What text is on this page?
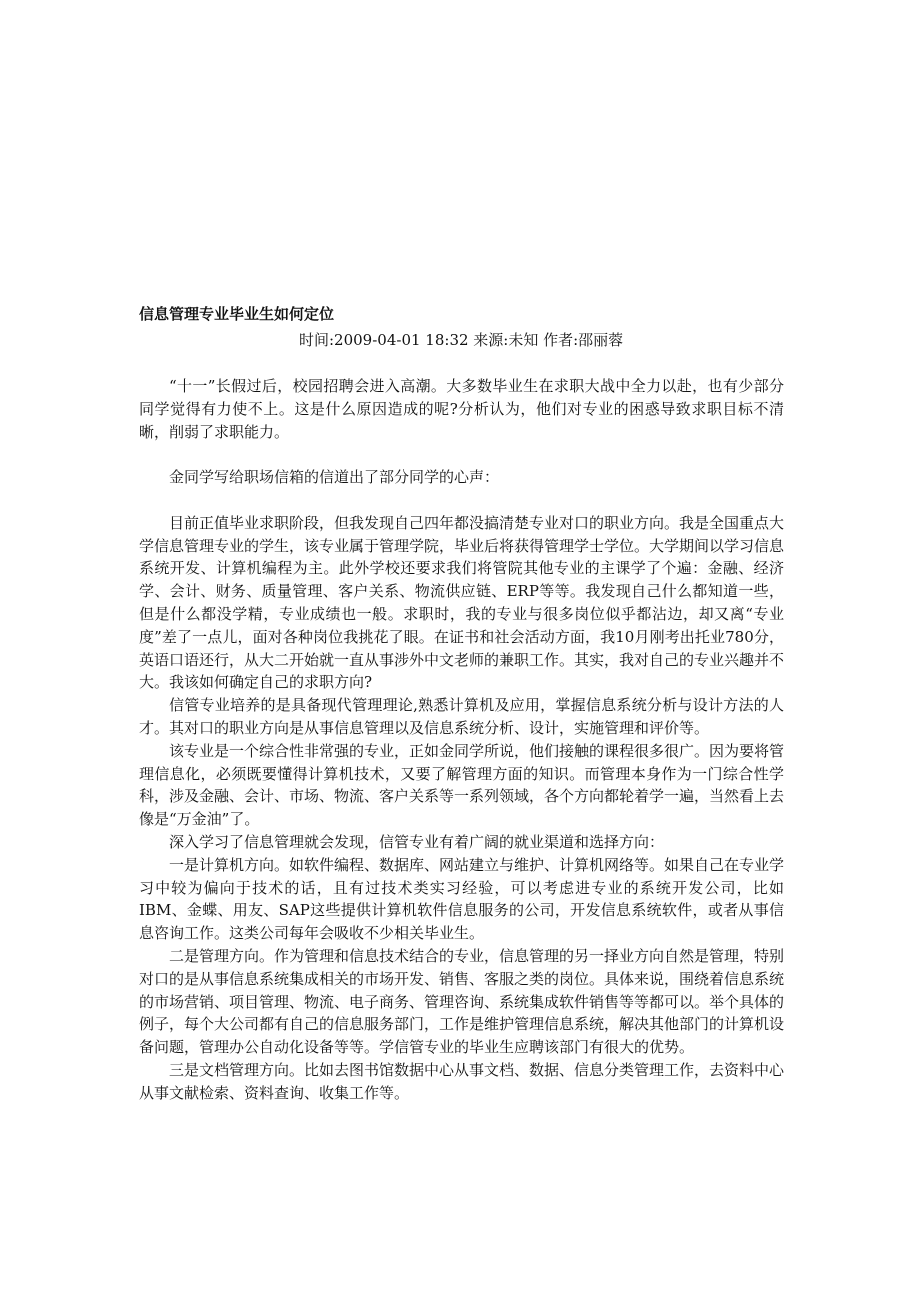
信息管理专业毕业生如何定位
时间:2009-04-01 18:32 来源:未知 作者:邵丽蓉

“十一”长假过后，校园招聘会进入高潮。大多数毕业生在求职大战中全力以赴，也有少部分同学觉得有力使不上。这是什么原因造成的呢?分析认为，他们对专业的困惑导致求职目标不清晰，削弱了求职能力。

金同学写给职场信箱的信道出了部分同学的心声：

目前正值毕业求职阶段，但我发现自己四年都没搞清楚专业对口的职业方向。我是全国重点大学信息管理专业的学生，该专业属于管理学院，毕业后将获得管理学士学位。大学期间以学习信息系统开发、计算机编程为主。此外学校还要求我们将管院其他专业的主课学了个遍：金融、经济学、会计、财务、质量管理、客户关系、物流供应链、ERP等等。我发现自己什么都知道一些，但是什么都没学精，专业成绩也一般。求职时，我的专业与很多岗位似乎都沾边，却又离“专业度”差了一点儿，面对各种岗位我挑花了眼。在证书和社会活动方面，我10月刚考出托业780分，英语口语还行，从大二开始就一直从事涉外中文老师的兼职工作。其实，我对自己的专业兴趣并不大。我该如何确定自己的求职方向?

信管专业培养的是具备现代管理理论,熟悉计算机及应用，掌握信息系统分析与设计方法的人才。其对口的职业方向是从事信息管理以及信息系统分析、设计，实施管理和评价等。

该专业是一个综合性非常强的专业，正如金同学所说，他们接触的课程很多很广。因为要将管理信息化，必须既要懂得计算机技术，又要了解管理方面的知识。而管理本身作为一门综合性学科，涉及金融、会计、市场、物流、客户关系等一系列领域，各个方向都轮着学一遍，当然看上去像是“万金油”了。

深入学习了信息管理就会发现，信管专业有着广阔的就业渠道和选择方向：

一是计算机方向。如软件编程、数据库、网站建立与维护、计算机网络等。如果自己在专业学习中较为偏向于技术的话，且有过技术类实习经验，可以考虑进专业的系统开发公司，比如IBM、金蝶、用友、SAP这些提供计算机软件信息服务的公司，开发信息系统软件，或者从事信息咨询工作。这类公司每年会吸收不少相关毕业生。

二是管理方向。作为管理和信息技术结合的专业，信息管理的另一择业方向自然是管理，特别对口的是从事信息系统集成相关的市场开发、销售、客服之类的岗位。具体来说，围绕着信息系统的市场营销、项目管理、物流、电子商务、管理咨询、系统集成软件销售等等都可以。举个具体的例子，每个大公司都有自己的信息服务部门，工作是维护管理信息系统，解决其他部门的计算机设备问题，管理办公自动化设备等等。学信管专业的毕业生应聘该部门有很大的优势。

三是文档管理方向。比如去图书馆数据中心从事文档、数据、信息分类管理工作，去资料中心从事文献检索、资料查询、收集工作等。
